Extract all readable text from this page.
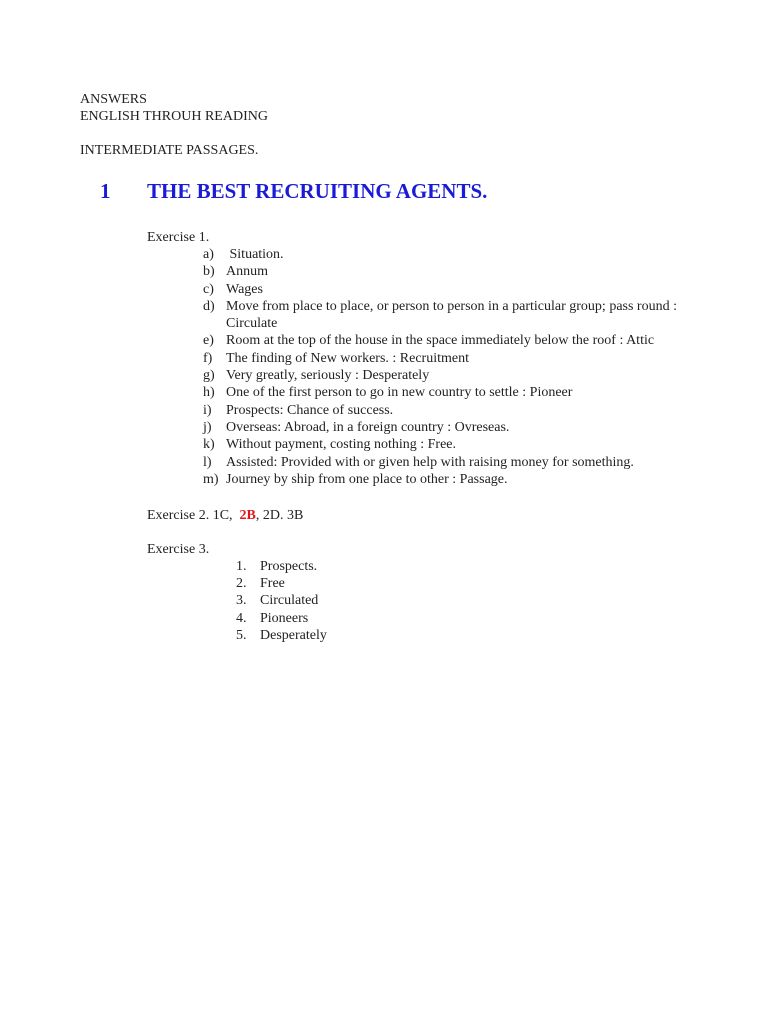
ANSWERS
ENGLISH THROUH READING
INTERMEDIATE PASSAGES.
1 THE BEST RECRUITING AGENTS.
Exercise 1.
a) Situation.
b) Annum
c) Wages
d) Move from place to place, or person to person in a particular group; pass round : Circulate
e) Room at the top of the house in the space immediately below the roof : Attic
f) The finding of New workers. : Recruitment
g) Very greatly, seriously : Desperately
h) One of the first person to go in new country to settle : Pioneer
i)	Prospects: Chance of success.
j)	Overseas: Abroad, in a foreign country : Ovreseas.
k) Without payment, costing nothing : Free.
l)	Assisted: Provided with or given help with raising money for something.
m) Journey by ship from one place to other : Passage.
Exercise 2. 1C,  2B, 2D. 3B
Exercise 3.
1. Prospects.
2. Free
3. Circulated
4. Pioneers
5. Desperately
